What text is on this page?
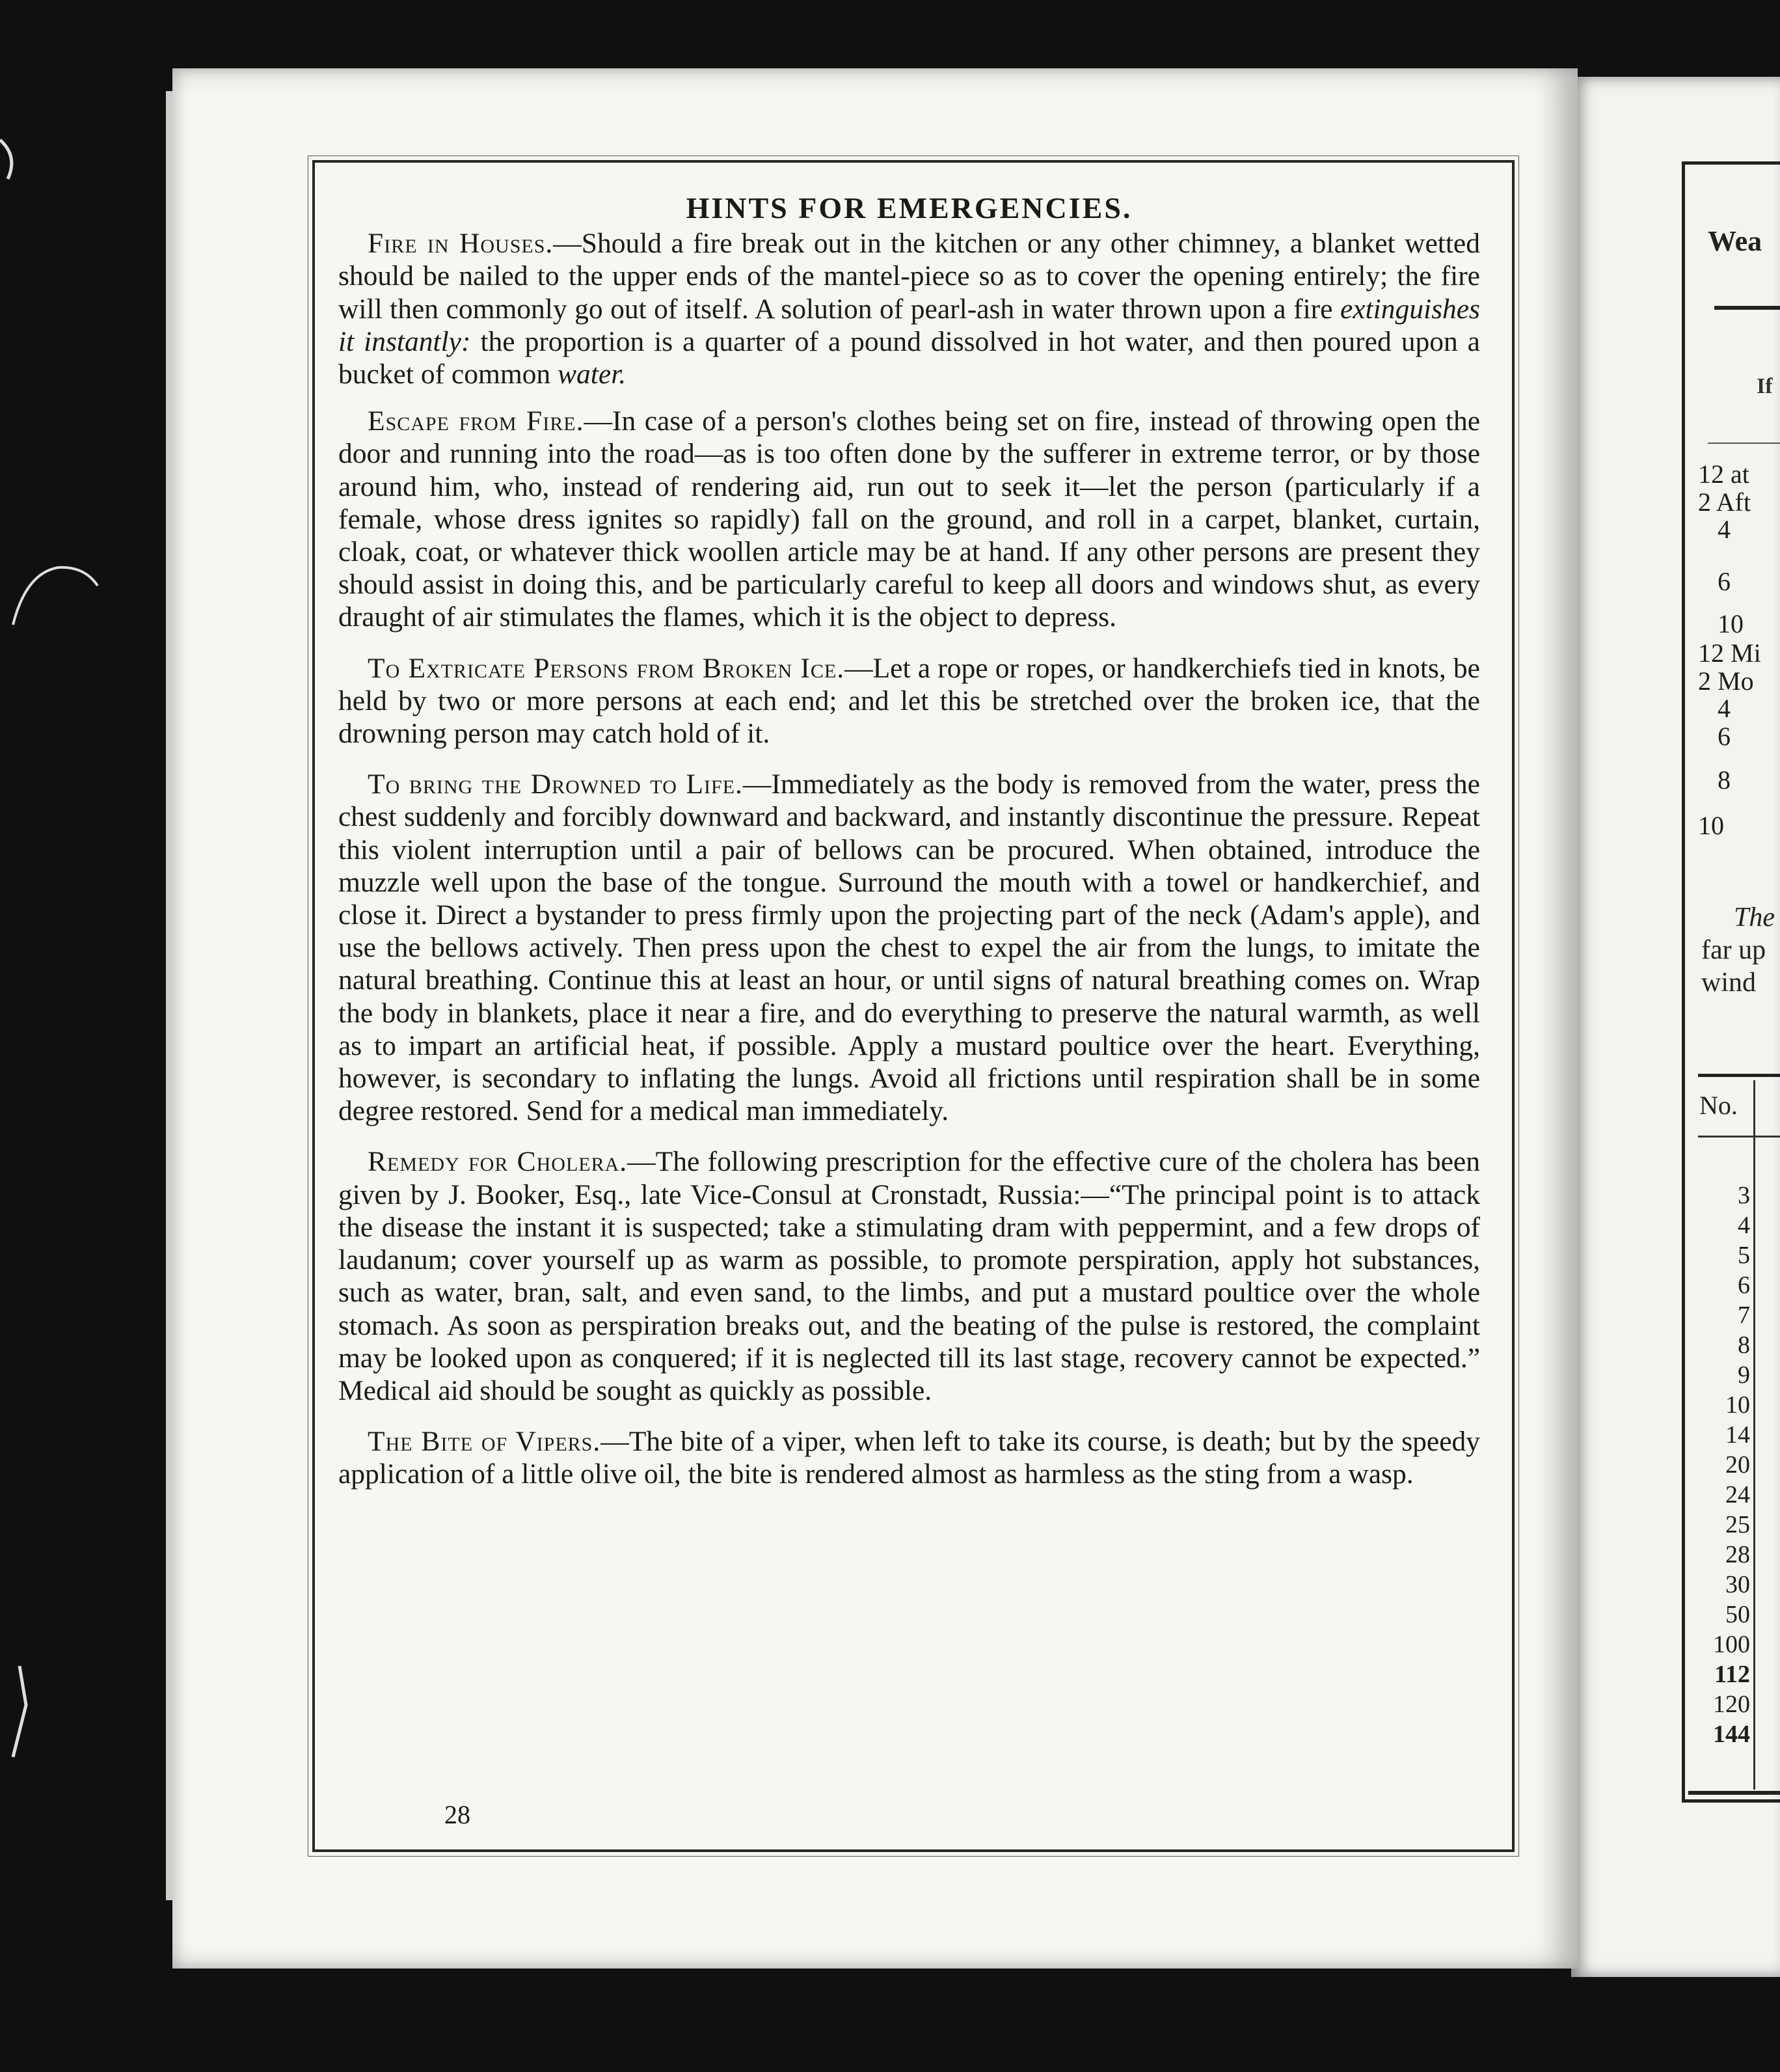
Wea
If
12 at
2 Aft
4
6
10
12 Mi
2 Mo
4
6
8
10
The
far up
wind
No.
3
4
5
6
7
8
9
10
14
20
24
25
28
30
50
100
112
120
144
HINTS FOR EMERGENCIES.

Fire in Houses.—Should a fire break out in the kitchen or any other chimney, a blanket wetted should be nailed to the upper ends of the mantel-piece so as to cover the opening entirely; the fire will then commonly go out of itself. A solution of pearl-ash in water thrown upon a fire extinguishes it instantly: the proportion is a quarter of a pound dissolved in hot water, and then poured upon a bucket of common water.

Escape from Fire.—In case of a person's clothes being set on fire, instead of throwing open the door and running into the road—as is too often done by the sufferer in extreme terror, or by those around him, who, instead of rendering aid, run out to seek it—let the person (particularly if a female, whose dress ignites so rapidly) fall on the ground, and roll in a carpet, blanket, curtain, cloak, coat, or whatever thick woollen article may be at hand. If any other persons are present they should assist in doing this, and be particularly careful to keep all doors and windows shut, as every draught of air stimulates the flames, which it is the object to depress.

To Extricate Persons from Broken Ice.—Let a rope or ropes, or handkerchiefs tied in knots, be held by two or more persons at each end; and let this be stretched over the broken ice, that the drowning person may catch hold of it.

To bring the Drowned to Life.—Immediately as the body is removed from the water, press the chest suddenly and forcibly downward and backward, and instantly discontinue the pressure. Repeat this violent interruption until a pair of bellows can be procured. When obtained, introduce the muzzle well upon the base of the tongue. Surround the mouth with a towel or handkerchief, and close it. Direct a bystander to press firmly upon the projecting part of the neck (Adam's apple), and use the bellows actively. Then press upon the chest to expel the air from the lungs, to imitate the natural breathing. Continue this at least an hour, or until signs of natural breathing comes on. Wrap the body in blankets, place it near a fire, and do everything to preserve the natural warmth, as well as to impart an artificial heat, if possible. Apply a mustard poultice over the heart. Everything, however, is secondary to inflating the lungs. Avoid all frictions until respiration shall be in some degree restored. Send for a medical man immediately.

Remedy for Cholera.—The following prescription for the effective cure of the cholera has been given by J. Booker, Esq., late Vice-Consul at Cronstadt, Russia:—“The principal point is to attack the disease the instant it is suspected; take a stimulating dram with peppermint, and a few drops of laudanum; cover yourself up as warm as possible, to promote perspiration, apply hot substances, such as water, bran, salt, and even sand, to the limbs, and put a mustard poultice over the whole stomach. As soon as perspiration breaks out, and the beating of the pulse is restored, the complaint may be looked upon as conquered; if it is neglected till its last stage, recovery cannot be expected.” Medical aid should be sought as quickly as possible.

The Bite of Vipers.—The bite of a viper, when left to take its course, is death; but by the speedy application of a little olive oil, the bite is rendered almost as harmless as the sting from a wasp.

28
